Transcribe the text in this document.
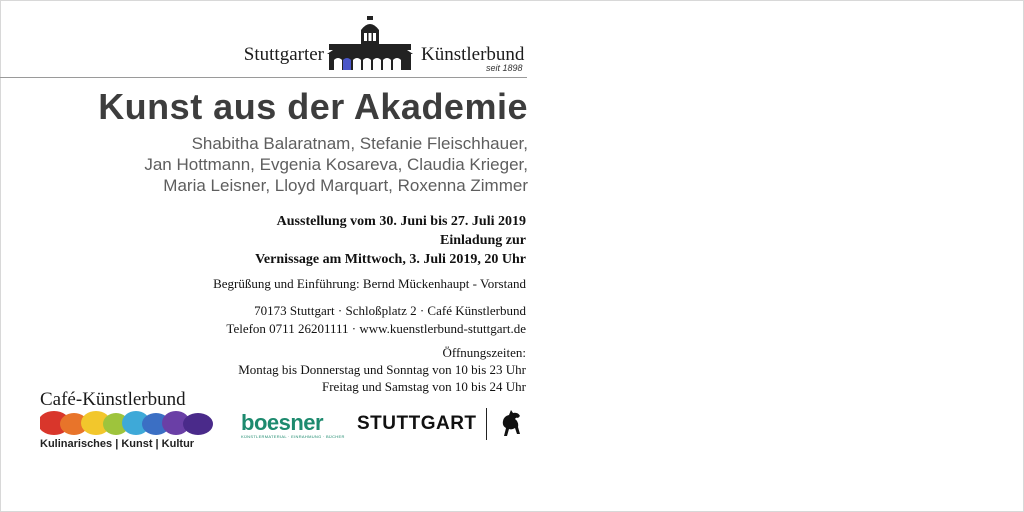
Stuttgarter	Künstlerbund
seit 1898
Kunst aus der Akademie
Shabitha Balaratnam, Stefanie Fleischhauer,
Jan Hottmann, Evgenia Kosareva, Claudia Krieger,
Maria Leisner, Lloyd Marquart, Roxenna Zimmer
Ausstellung vom 30. Juni bis 27. Juli 2019
Einladung zur
Vernissage am Mittwoch, 3. Juli 2019, 20 Uhr
Begrüßung und Einführung: Bernd Mückenhaupt - Vorstand
70173 Stuttgart · Schloßplatz 2 · Café Künstlerbund
Telefon 0711 26201111 · www.kuenstlerbund-stuttgart.de
Öffnungszeiten:
Montag bis Donnerstag und Sonntag von 10 bis 23 Uhr
Freitag und Samstag von 10 bis 24 Uhr
Café-Künstlerbund
Kulinarisches | Kunst | Kultur
boesner
KÜNSTLERMATERIAL · EINRAHMUNG · BÜCHER
STUTTGART
